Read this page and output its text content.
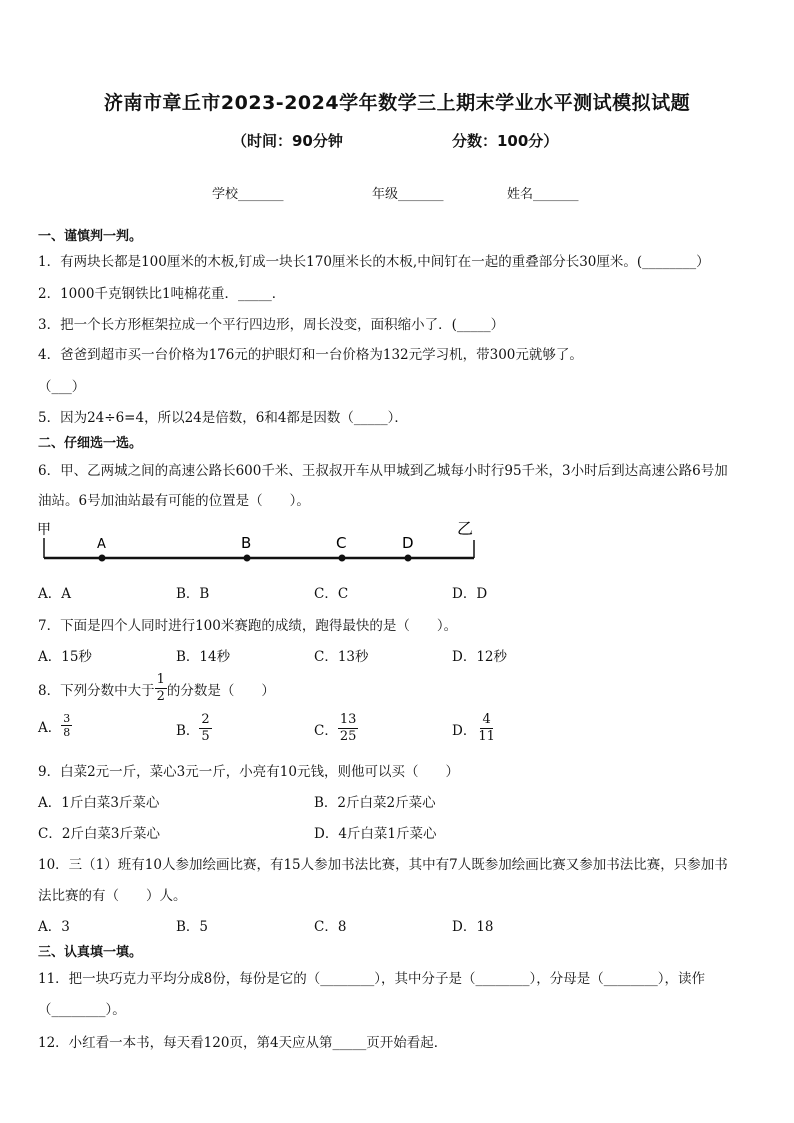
济南市章丘市2023-2024学年数学三上期末学业水平测试模拟试题
（时间：90分钟	分数：100分）
学校_______	年级_______	姓名_______
一、谨慎判一判。
1．有两块长都是100厘米的木板,钉成一块长170厘米长的木板,中间钉在一起的重叠部分长30厘米。(________）
2．1000千克钢铁比1吨棉花重．_____．
3．把一个长方形框架拉成一个平行四边形，周长没变，面积缩小了．(_____）
4．爸爸到超市买一台价格为176元的护眼灯和一台价格为132元学习机，带300元就够了。
（___）
5．因为24÷6=4，所以24是倍数，6和4都是因数（_____）．
二、仔细选一选。
6．甲、乙两城之间的高速公路长600千米、王叔叔开车从甲城到乙城每小时行95千米，3小时后到达高速公路6号加
油站。6号加油站最有可能的位置是（　　）。
甲	乙
A	B	C	D
A．A	B．B	C．C	D．D
7．下面是四个人同时进行100米赛跑的成绩，跑得最快的是（　　）。
A．15秒	B．14秒	C．13秒	D．12秒
8．下列分数中大于 $\frac{1}{2}$ 的分数是（　　）
A． $\frac{3}{8}$	B． $\frac{2}{5}$	C． $\frac{13}{25}$	D． $\frac{4}{11}$
9．白菜2元一斤，菜心3元一斤，小亮有10元钱，则他可以买（　　）
A．1斤白菜3斤菜心	B．2斤白菜2斤菜心
C．2斤白菜3斤菜心	D．4斤白菜1斤菜心
10．三（1）班有10人参加绘画比赛，有15人参加书法比赛，其中有7人既参加绘画比赛又参加书法比赛，只参加书
法比赛的有（　　）人。
A．3	B．5	C．8	D．18
三、认真填一填。
11．把一块巧克力平均分成8份，每份是它的（________），其中分子是（________），分母是（________），读作
（________）。
12．小红看一本书，每天看120页，第4天应从第_____页开始看起．
